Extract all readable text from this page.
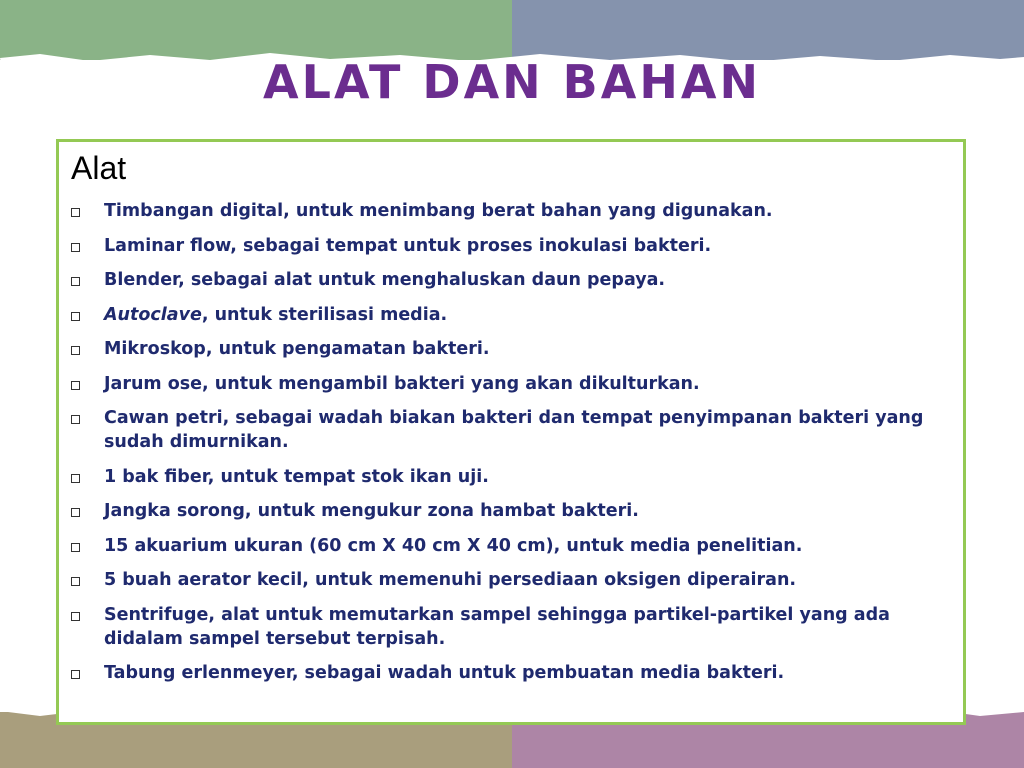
ALAT DAN BAHAN
Alat
Timbangan digital, untuk menimbang berat bahan yang digunakan.
Laminar flow, sebagai tempat untuk proses inokulasi bakteri.
Blender, sebagai alat untuk menghaluskan daun pepaya.
Autoclave, untuk sterilisasi media.
Mikroskop, untuk pengamatan bakteri.
Jarum ose, untuk mengambil bakteri yang akan dikulturkan.
Cawan petri, sebagai wadah biakan bakteri dan tempat penyimpanan bakteri yang sudah dimurnikan.
1 bak fiber, untuk tempat stok ikan uji.
Jangka sorong, untuk mengukur zona hambat bakteri.
15 akuarium ukuran (60 cm X 40 cm X 40 cm), untuk media penelitian.
5 buah aerator kecil, untuk memenuhi persediaan oksigen diperairan.
Sentrifuge, alat untuk memutarkan sampel sehingga partikel-partikel yang ada didalam sampel tersebut terpisah.
Tabung erlenmeyer, sebagai wadah untuk pembuatan media bakteri.
